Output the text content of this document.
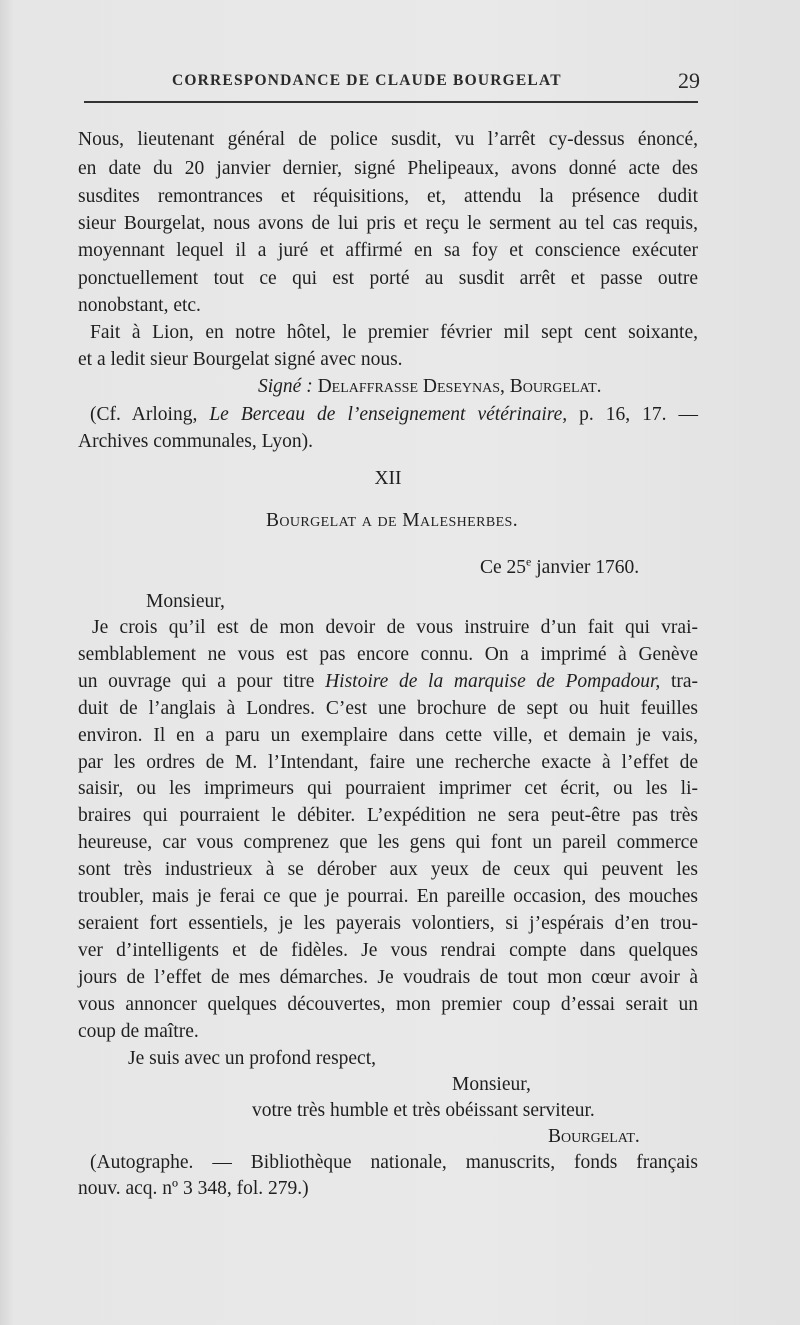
CORRESPONDANCE DE CLAUDE BOURGELAT	29
Nous, lieutenant général de police susdit, vu l’arrêt cy-dessus énoncé,
en date du 20 janvier dernier, signé Phelipeaux, avons donné acte des
susdites remontrances et réquisitions, et, attendu la présence dudit
sieur Bourgelat, nous avons de lui pris et reçu le serment au tel cas requis,
moyennant lequel il a juré et affirmé en sa foy et conscience exécuter
ponctuellement tout ce qui est porté au susdit arrêt et passe outre
nonobstant, etc.
Fait à Lion, en notre hôtel, le premier février mil sept cent soixante,
et a ledit sieur Bourgelat signé avec nous.
Signé : Delaffrasse Deseynas, Bourgelat.
(Cf. Arloing, Le Berceau de l’enseignement vétérinaire, p. 16, 17. —
Archives communales, Lyon).
XII
Bourgelat a de Malesherbes.
Ce 25e janvier 1760.
Monsieur,
Je crois qu’il est de mon devoir de vous instruire d’un fait qui vrai-
semblablement ne vous est pas encore connu. On a imprimé à Genève
un ouvrage qui a pour titre Histoire de la marquise de Pompadour, tra-
duit de l’anglais à Londres. C’est une brochure de sept ou huit feuilles
environ. Il en a paru un exemplaire dans cette ville, et demain je vais,
par les ordres de M. l’Intendant, faire une recherche exacte à l’effet de
saisir, ou les imprimeurs qui pourraient imprimer cet écrit, ou les li-
braires qui pourraient le débiter. L’expédition ne sera peut-être pas très
heureuse, car vous comprenez que les gens qui font un pareil commerce
sont très industrieux à se dérober aux yeux de ceux qui peuvent les
troubler, mais je ferai ce que je pourrai. En pareille occasion, des mouches
seraient fort essentiels, je les payerais volontiers, si j’espérais d’en trou-
ver d’intelligents et de fidèles. Je vous rendrai compte dans quelques
jours de l’effet de mes démarches. Je voudrais de tout mon cœur avoir à
vous annoncer quelques découvertes, mon premier coup d’essai serait un
coup de maître.
Je suis avec un profond respect,
Monsieur,
votre très humble et très obéissant serviteur.
Bourgelat.
(Autographe. — Bibliothèque nationale, manuscrits, fonds français
nouv. acq. nº 3 348, fol. 279.)
